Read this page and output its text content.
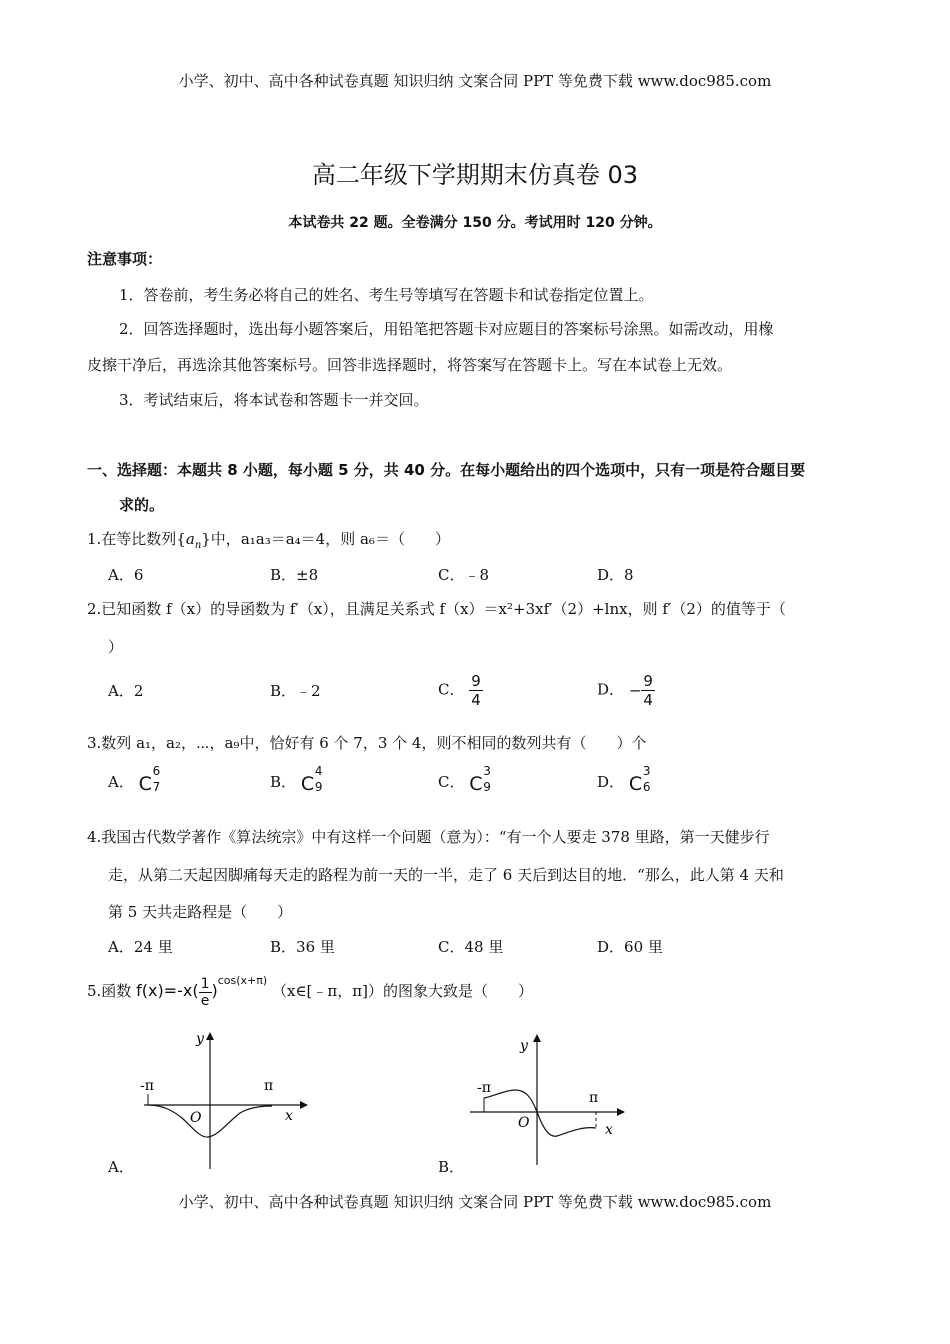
小学、初中、高中各种试卷真题 知识归纳 文案合同 PPT 等免费下载 www.doc985.com
高二年级下学期期末仿真卷 03
本试卷共 22 题。全卷满分 150 分。考试用时 120 分钟。
注意事项：
1．答卷前，考生务必将自己的姓名、考生号等填写在答题卡和试卷指定位置上。
2．回答选择题时，选出每小题答案后，用铅笔把答题卡对应题目的答案标号涂黑。如需改动，用橡
皮擦干净后，再选涂其他答案标号。回答非选择题时，将答案写在答题卡上。写在本试卷上无效。
3．考试结束后，将本试卷和答题卡一并交回。
一、选择题：本题共 8 小题，每小题 5 分，共 40 分。在每小题给出的四个选项中，只有一项是符合题目要
求的。
1.在等比数列$\{a_n\}$中，a₁a₃＝a₄＝4，则 a₆＝（　　）
A．6	B．±8	C．﹣8	D．8
2.已知函数 f（x）的导函数为 f′（x），且满足关系式 f（x）＝x²+3xf′（2）+lnx，则 f′（2）的值等于（
）
A．2	B．﹣2	C． $\frac{9}{4}$	D． − $\frac{9}{4}$
3.数列 a₁，a₂，⋯，a₉中，恰好有 6 个 7，3 个 4，则不相同的数列共有（　　）个
A． C
6
7	B． C
4
9	C． C
3
9	D． C
3
6
4.我国古代数学著作《算法统宗》中有这样一个问题（意为）：“有一个人要走 378 里路，第一天健步行
走，从第二天起因脚痛每天走的路程为前一天的一半，走了 6 天后到达目的地．“那么，此人第 4 天和
第 5 天共走路程是（　　）
A．24 里	B．36 里	C．48 里	D．60 里
5.函数 $f(x)=-x( \frac{1}{e} )^{cos(x+\pi)}$ （x∈[﹣π，π]）的图象大致是（　　）
y
O	x
-π	π
A．
y
O	x
-π
π
B．
小学、初中、高中各种试卷真题 知识归纳 文案合同 PPT 等免费下载 www.doc985.com
